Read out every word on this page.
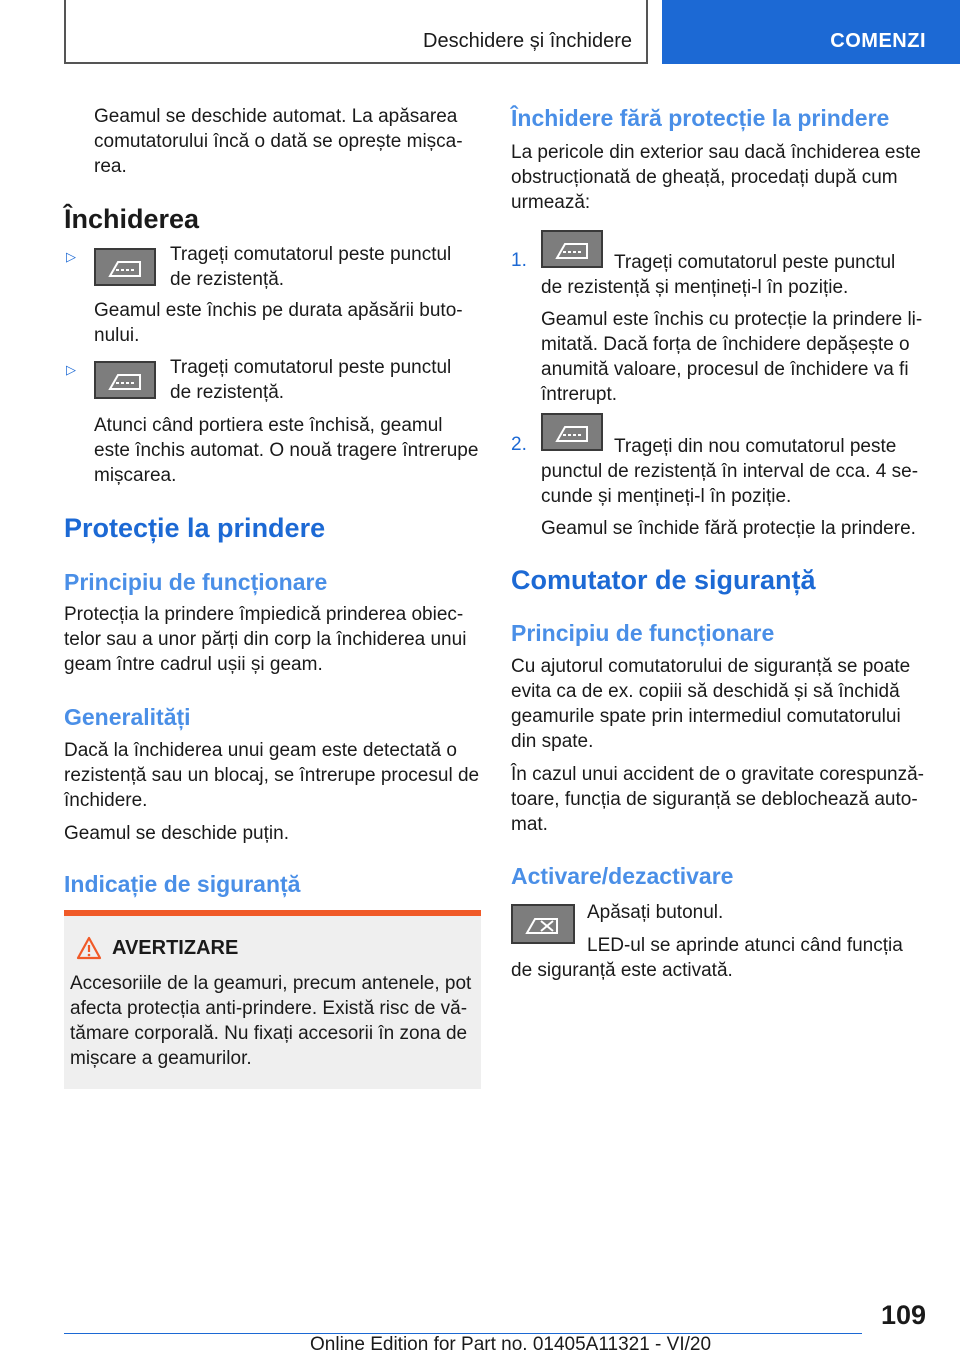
Deschidere și închidere	COMENZI

Geamul se deschide automat. La apăsarea

comutatorului încă o dată se oprește mișca-

rea.

Închiderea
▷	Trageți comutatorul peste punctul

de rezistență.

Geamul este închis pe durata apăsării buto-

nului.

▷	Trageți comutatorul peste punctul

de rezistență.

Atunci când portiera este închisă, geamul

este închis automat. O nouă tragere întrerupe

mișcarea.

Protecție la prindere
Principiu de funcționare

Protecția la prindere împiedică prinderea obiec-

telor sau a unor părți din corp la închiderea unui

geam între cadrul ușii și geam.

Generalități

Dacă la închiderea unui geam este detectată o

rezistență sau un blocaj, se întrerupe procesul de

închidere.

Geamul se deschide puțin.

Indicație de siguranță
AVERTIZARE

Accesoriile de la geamuri, precum antenele, pot

afecta protecția anti-prindere. Există risc de vă-

tămare corporală. Nu fixați accesorii în zona de

mișcare a geamurilor.

Închidere fără protecție la prindere

La pericole din exterior sau dacă închiderea este

obstrucționată de gheață, procedați după cum

urmează:

1.	Trageți comutatorul peste punctul

de rezistență și mențineți-l în poziție.

Geamul este închis cu protecție la prindere li-

mitată. Dacă forța de închidere depășește o

anumită valoare, procesul de închidere va fi

întrerupt.

2.	Trageți din nou comutatorul peste

punctul de rezistență în interval de cca. 4 se-

cunde și mențineți-l în poziție.

Geamul se închide fără protecție la prindere.

Comutator de siguranță
Principiu de funcționare

Cu ajutorul comutatorului de siguranță se poate

evita ca de ex. copiii să deschidă și să închidă

geamurile spate prin intermediul comutatorului

din spate.

În cazul unui accident de o gravitate corespunză-

toare, funcția de siguranță se deblochează auto-

mat.

Activare/dezactivare

Apăsați butonul.

LED-ul se aprinde atunci când funcția

de siguranță este activată.

109
Online Edition for Part no. 01405A11321 - VI/20
